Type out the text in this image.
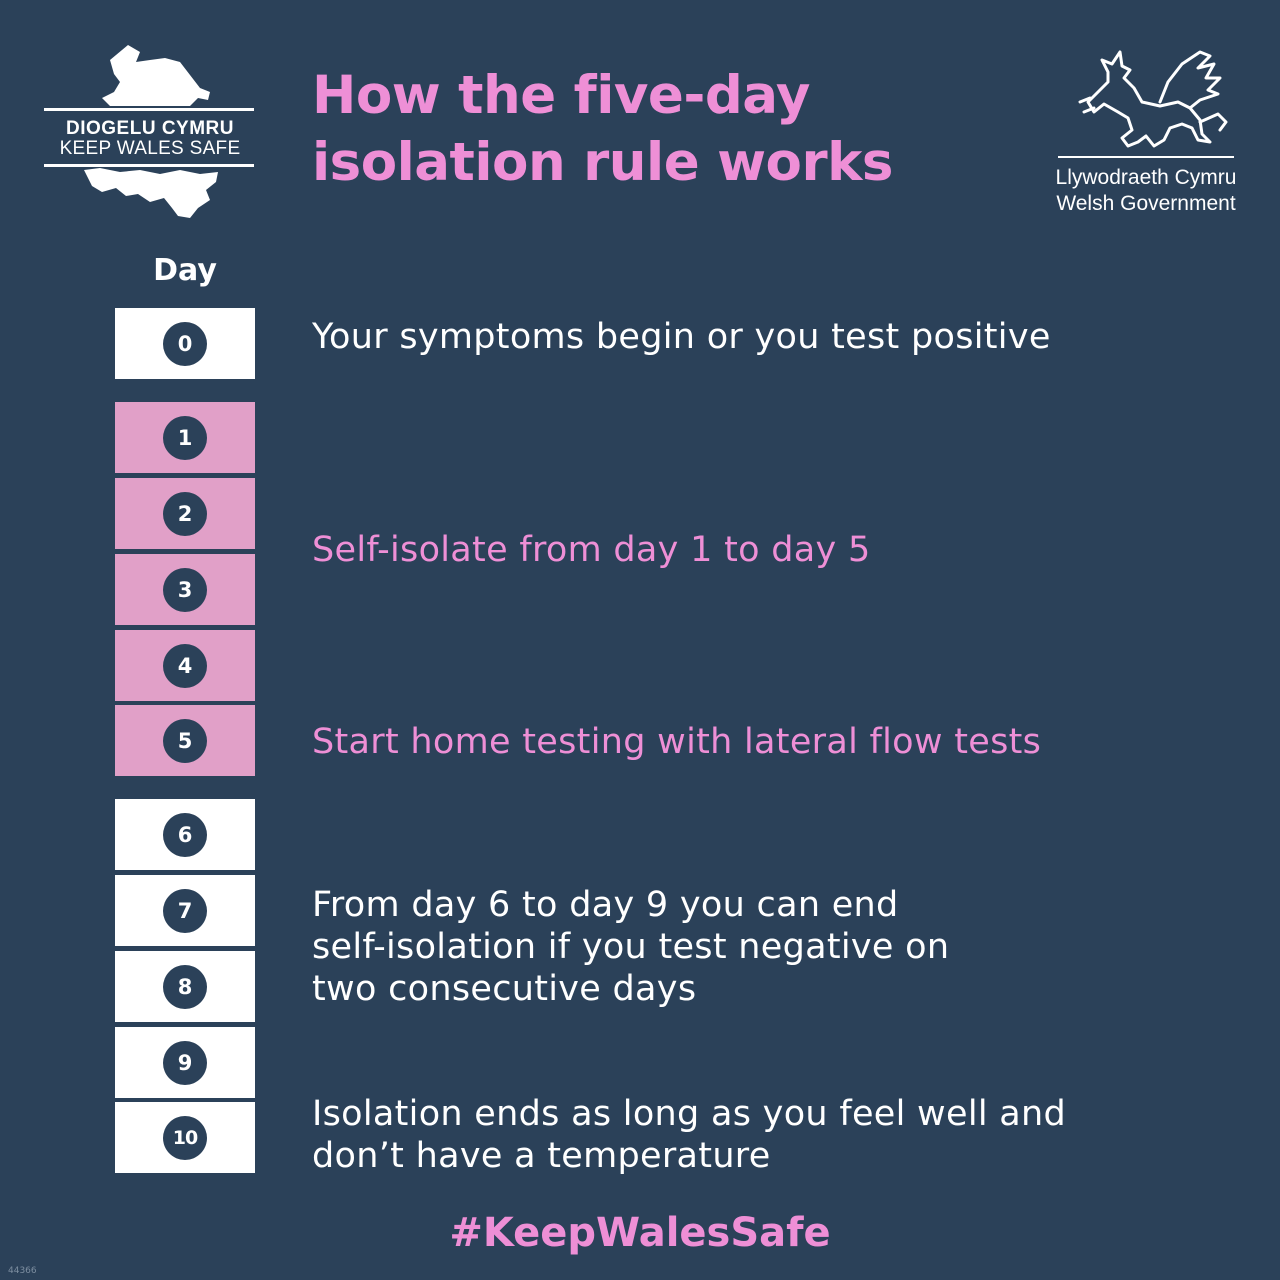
DIOGELU CYMRU
KEEP WALES SAFE
How the five-day
isolation rule works	Llywodraeth Cymru
Welsh Government
Day
0
1
2
3
4
5
6
7
8
9
10
Your symptoms begin or you test positive
Self-isolate from day 1 to day 5
Start home testing with lateral flow tests
From day 6 to day 9 you can end
self-isolation if you test negative on
two consecutive days
Isolation ends as long as you feel well and
don’t have a temperature
#KeepWalesSafe
44366
